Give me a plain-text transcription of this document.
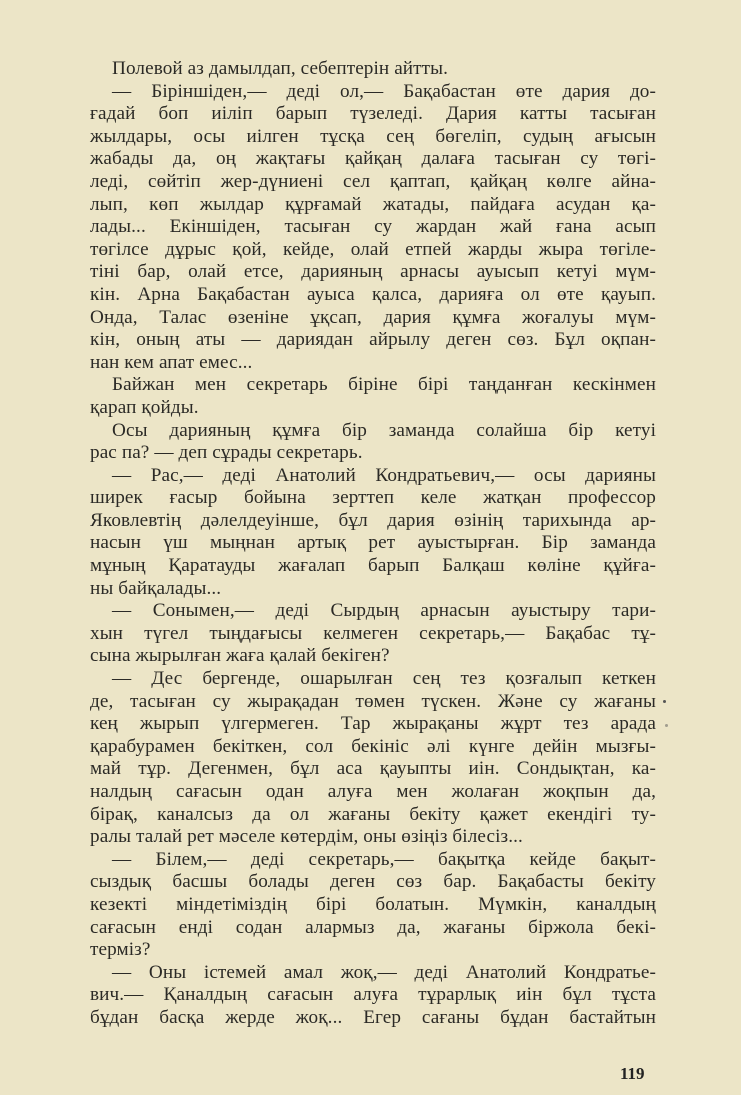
Полевой аз дамылдап, себептерін айтты.
— Біріншіден,— деді ол,— Бақабастан өте дария до-
ғадай боп иіліп барып түзеледі. Дария катты тасыған
жылдары, осы иілген тұсқа сең бөгеліп, судың ағысын
жабады да, оң жақтағы қайқаң далаға тасыған су төгі-
леді, сөйтіп жер-дүниені сел қаптап, қайқаң көлге айна-
лып, көп жылдар құрғамай жатады, пайдаға асудан қа-
лады... Екіншіден, тасыған су жардан жай ғана асып
төгілсе дұрыс қой, кейде, олай етпей жарды жыра төгіле-
тіні бар, олай етсе, дарияның арнасы ауысып кетуі мүм-
кін. Арна Бақабастан ауыса қалса, дарияға ол өте қауып.
Онда, Талас өзеніне ұқсап, дария құмға жоғалуы мүм-
кін, оның аты — дариядан айрылу деген сөз. Бұл оқпан-
нан кем апат емес...
Байжан мен секретарь біріне бірі таңданған кескінмен
қарап қойды.
Осы дарияның құмға бір заманда солайша бір кетуі
рас па? — деп сұрады секретарь.
— Рас,— деді Анатолий Кондратьевич,— осы дарияны
ширек ғасыр бойына зерттеп келе жатқан профессор
Яковлевтің дәлелдеуінше, бұл дария өзінің тарихында ар-
насын үш мыңнан артық рет ауыстырған. Бір заманда
мұның Қаратауды жағалап барып Балқаш көліне құйға-
ны байқалады...
— Сонымен,— деді Сырдың арнасын ауыстыру тари-
хын түгел тыңдағысы келмеген секретарь,— Бақабас тұ-
сына жырылған жаға қалай бекіген?
— Дес бергенде, ошарылған сең тез қозғалып кеткен
де, тасыған су жырақадан төмен түскен. Және су жағаны
кең жырып үлгермеген. Тар жырақаны жұрт тез арада
қарабурамен бекіткен, сол бекініс әлі күнге дейін мызғы-
май тұр. Дегенмен, бұл аса қауыпты иін. Сондықтан, ка-
налдың сағасын одан алуға мен жолаған жоқпын да,
бірақ, каналсыз да ол жағаны бекіту қажет екендігі ту-
ралы талай рет мәселе көтердім, оны өзіңіз білесіз...
— Білем,— деді секретарь,— бақытқа кейде бақыт-
сыздық басшы болады деген сөз бар. Бақабасты бекіту
кезекті міндетіміздің бірі болатын. Мүмкін, каналдың
сағасын енді содан алармыз да, жағаны біржола бекі-
терміз?
— Оны істемей амал жоқ,— деді Анатолий Кондратье-
вич.— Қаналдың сағасын алуға тұрарлық иін бұл тұста
бұдан басқа жерде жоқ... Егер сағаны бұдан бастайтын
119
